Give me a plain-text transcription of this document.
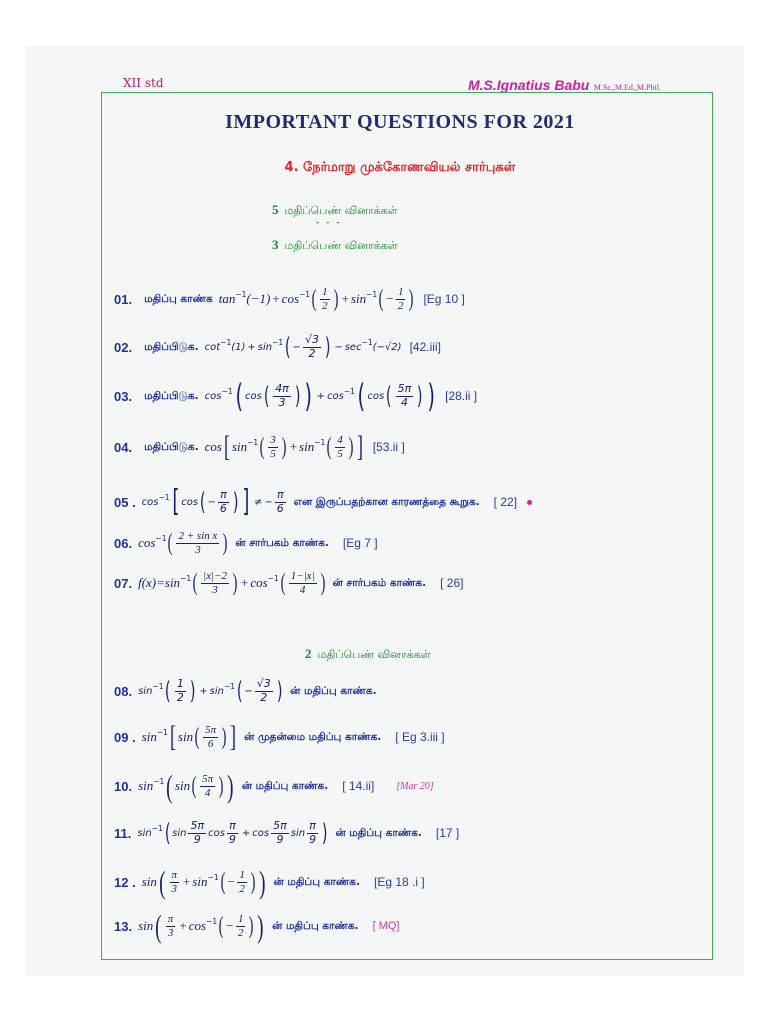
XII std	M.S.Ignatius Babu M.Sc.,M.Ed.,M.Phil.
IMPORTANT QUESTIONS FOR 2021
4. நேர்மாறு முக்கோணவியல் சார்புகள்
5 மதிப்பெண் வினாக்கள்
- - -
3 மதிப்பெண் வினாக்கள்
01. மதிப்பு காண்க tan −1 (−1) + cos −1 ( $\frac{1}{2}$ ) + sin −1 ( − $\frac{1}{2}$ ) [Eg 10 ]
02. மதிப்பிடுக. cot −1 (1) + sin −1 ( − $\frac{√3}{2}$ ) − sec −1 (−√2) [42.iii]
03. மதிப்பிடுக. cos −1 ( cos ( $\frac{4\pi}{3}$ ) ) + cos −1 ( cos ( $\frac{5\pi}{4}$ ) ) [28.ii ]
04. மதிப்பிடுக. cos [ sin −1 ( $\frac{3}{5}$ ) + sin −1 ( $\frac{4}{5}$ ) ] [53.ii ]
05 . cos −1 [ cos ( − $\frac{\pi}{6}$ ) ] ≠ − $\frac{\pi}{6}$ என இருப்பதற்கான காரணத்தை கூறுக. [ 22]
06. cos −1 ( $\frac{\text{2 + sin x}}{3}$ ) ன் சார்பகம் காண்க. [Eg 7 ]
07. f(x)= sin −1 ( $\frac{|x|-2}{3}$ ) + cos −1 ( $\frac{1-|x|}{4}$ ) ன் சார்பகம் காண்க. [ 26]
2 மதிப்பெண் வினாக்கள்
08. sin −1 ( $\frac{1}{2}$ ) + sin −1 ( − $\frac{√3}{2}$ ) ன் மதிப்பு காண்க.
09 . sin −1 [ sin ( $\frac{5\pi}{6}$ ) ] ன் முதன்மை மதிப்பு காண்க. [ Eg 3.iii ]
10. sin −1 ( sin ( $\frac{5\pi}{4}$ ) ) ன் மதிப்பு காண்க. [ 14.ii] [Mar 20]
11. sin −1 ( $\sin \frac{5\pi}{9}$ $\cos \frac{\pi}{9} + \cos \frac{5\pi}{9}$ $\sin \frac{\pi}{9}$ ) ன் மதிப்பு காண்க. [17 ]
12 . sin ( $\frac{\pi}{3} + \sin -1$ ( − $\frac{1}{2}$ ) ) ன் மதிப்பு காண்க. [Eg 18 .i ]
13. sin ( $\frac{\pi}{3} + \cos -1$ ( − $\frac{1}{2}$ ) ) ன் மதிப்பு காண்க. [ MQ]
